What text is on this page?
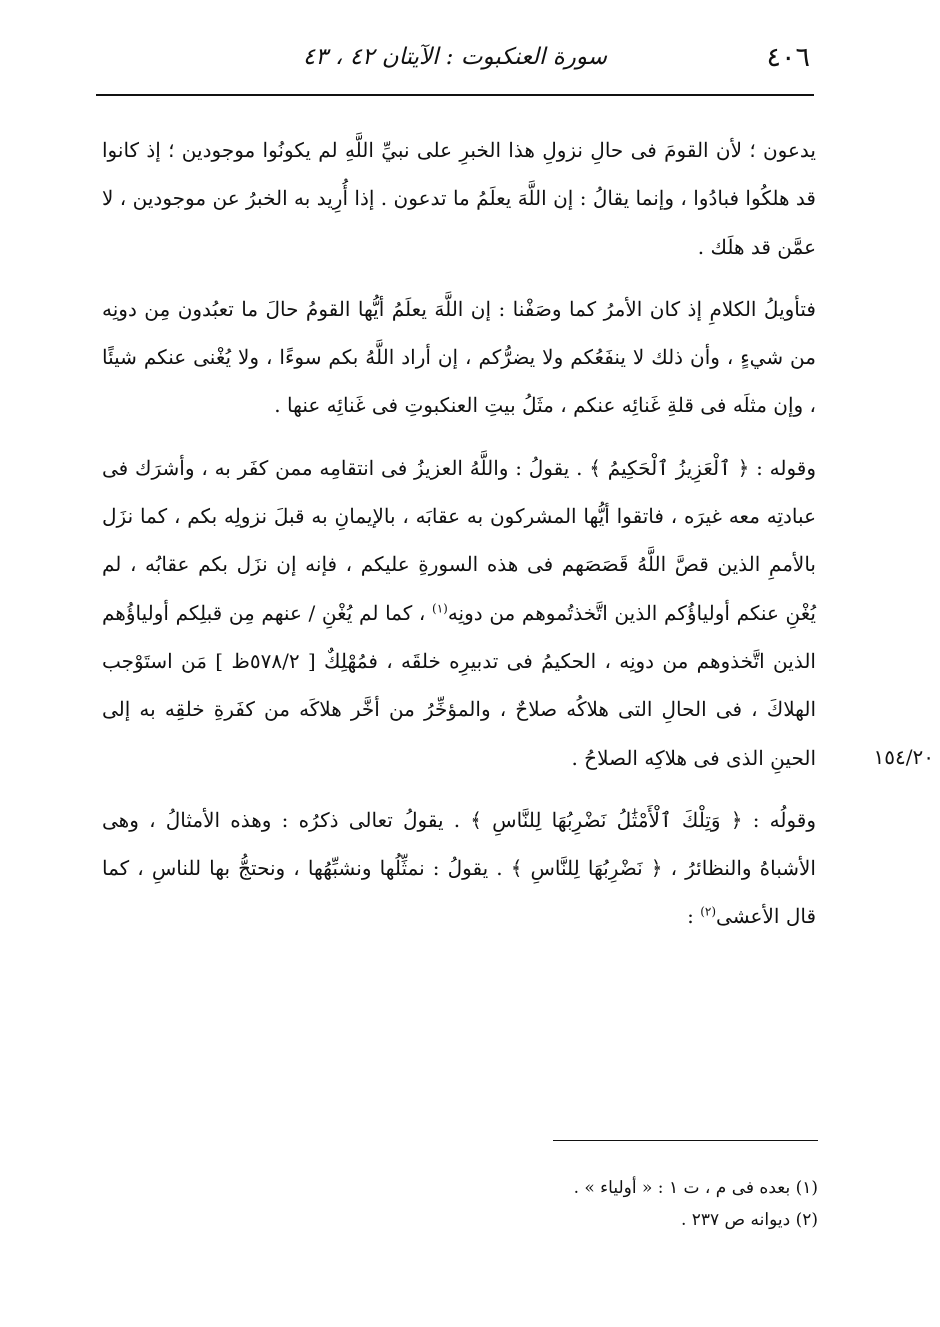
٤٠٦
سورة العنكبوت : الآيتان ٤٢ ، ٤٣
١٥٤/٢٠

يدعون ؛ لأن القومَ فى حالِ نزولِ هذا الخبرِ على نبيِّ اللَّهِ لم يكونُوا موجودين ؛ إذ كانوا قد هلكُوا فبادُوا ، وإنما يقالُ : إن اللَّهَ يعلَمُ ما تدعون . إذا أُرِيد به الخبرُ عن موجودين ، لا عمَّن قد هلَك .

فتأويلُ الكلامِ إذ كان الأمرُ كما وصَفْنا : إن اللَّهَ يعلَمُ أيُّها القومُ حالَ ما تعبُدون مِن دونِه من شيءٍ ، وأن ذلك لا ينفَعُكم ولا يضرُّكم ، إن أراد اللَّهُ بكم سوءًا ، ولا يُغْنى عنكم شيئًا ، وإن مثلَه فى قلةِ غَنائِه عنكم ، مثَلُ بيتِ العنكبوتِ فى غَنائِه عنها .

وقوله : ﴿ ٱلْعَزِيزُ ٱلْحَكِيمُ ﴾ . يقولُ : واللَّهُ العزيزُ فى انتقامِه ممن كفَر به ، وأشرَك فى عبادتِه معه غيرَه ، فاتقوا أيُّها المشركون به عقابَه ، بالإيمانِ به قبلَ نزولِه بكم ، كما نزَل بالأممِ الذين قصَّ اللَّهُ قَصَصَهم فى هذه السورةِ عليكم ، فإنه إن نزَل بكم عقابُه ، لم يُغْنِ عنكم أولياؤُكم الذين اتَّخذتُموهم من دونِه$^{(١)}$ ، كما لم يُغْنِ / عنهم مِن قبلِكم أولياؤُهم الذين اتَّخذوهم من دونِه ، الحكيمُ فى تدبيرِه خلقَه ، فمُهْلِكٌ [ ٥٧٨/٢ظ ] مَن استَوْجب الهلاكَ ، فى الحالِ التى هلاكُه صلاحٌ ، والمؤخِّرُ من أخَّر هلاكَه من كفَرةِ خلقِه به إلى الحينِ الذى فى هلاكِه الصلاحُ .

وقولُه : ﴿ وَتِلْكَ ٱلْأَمْثَٰلُ نَضْرِبُهَا لِلنَّاسِ ﴾ . يقولُ تعالى ذكرُه : وهذه الأمثالُ ، وهى الأشباهُ والنظائرُ ، ﴿ نَضْرِبُهَا لِلنَّاسِ ﴾ . يقولُ : نمثِّلُها ونشبِّهُها ، ونحتجُّ بها للناسِ ، كما قال الأعشى$^{(٢)}$ :

(١) بعده فى م ، ت ١ : « أولياء » .

(٢) ديوانه ص ٢٣٧ .
